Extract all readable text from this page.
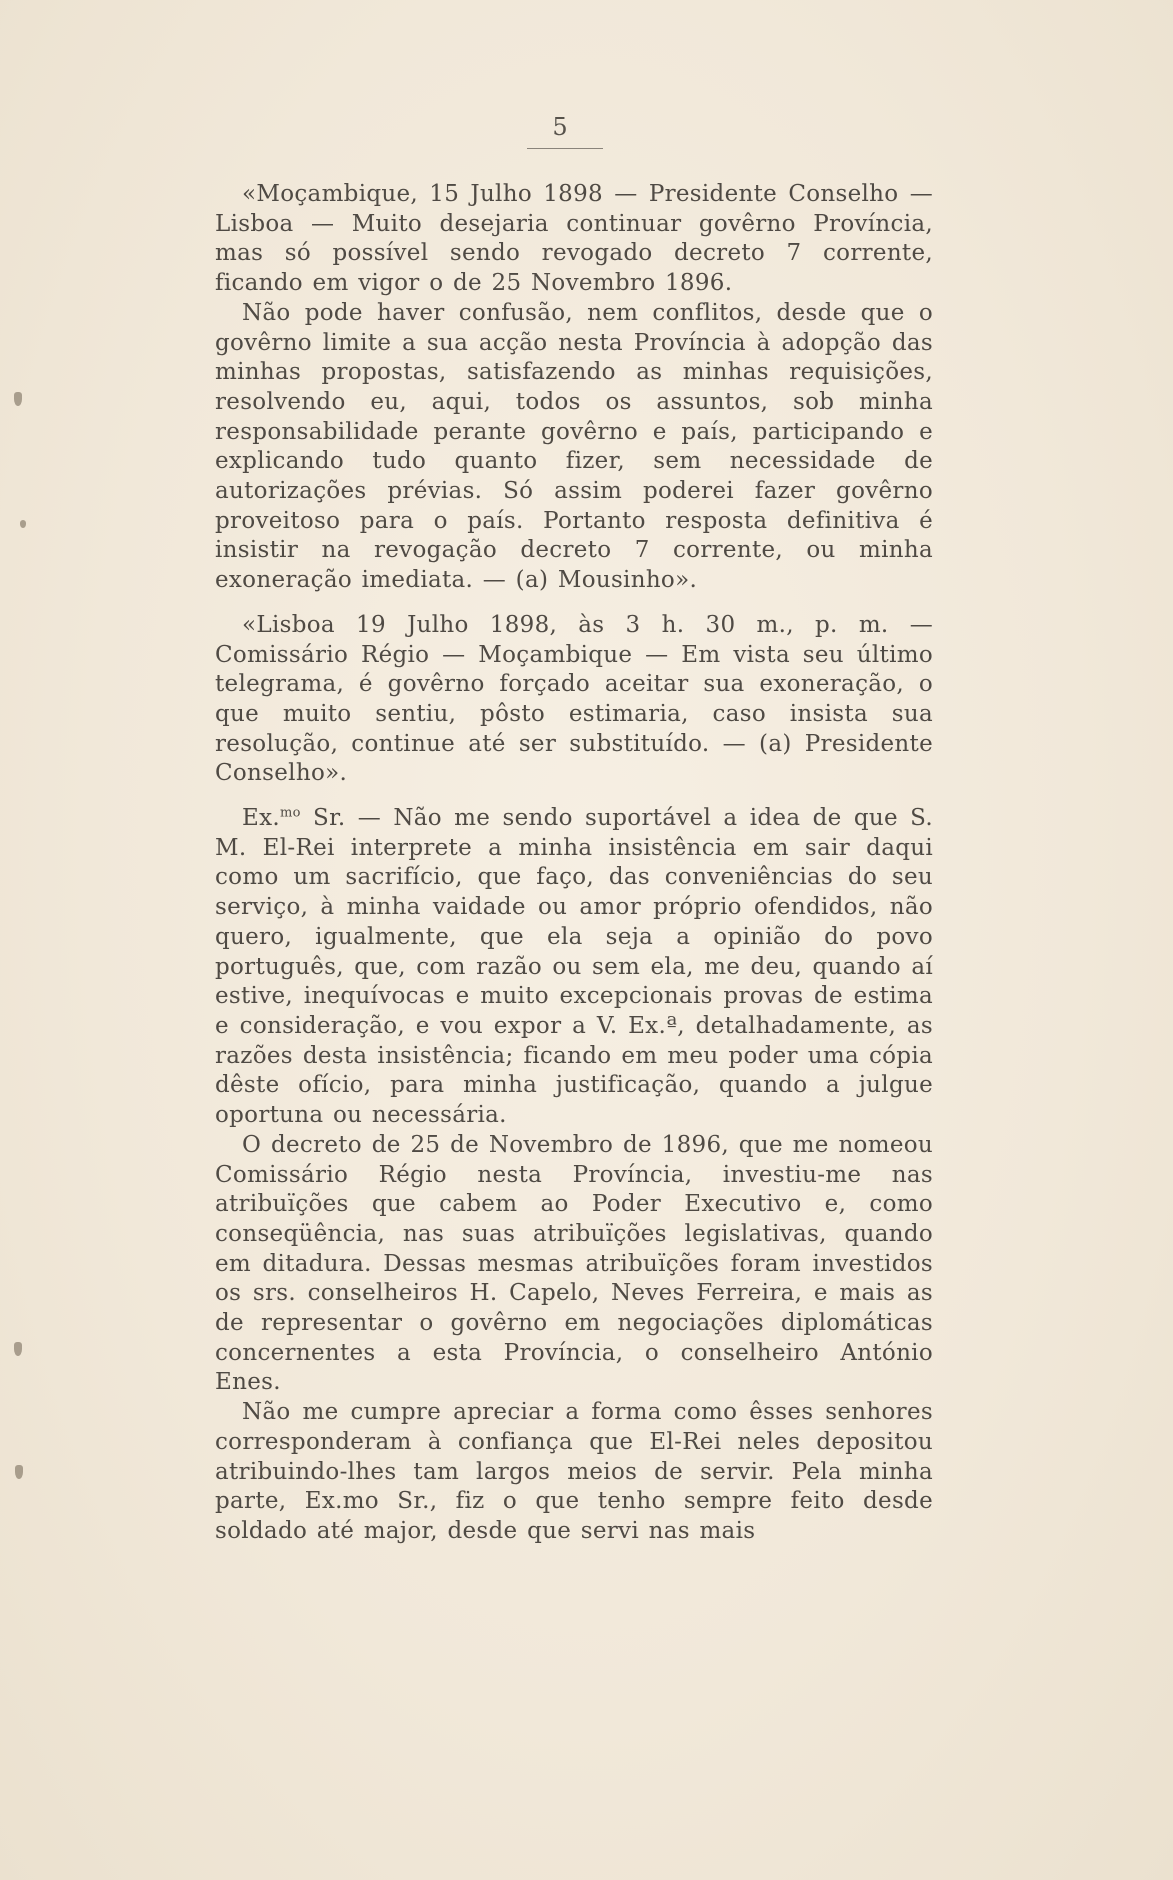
5

«Moçambique, 15 Julho 1898 — Presidente Conselho — Lisboa — Muito desejaria continuar govêrno Província, mas só possível sendo revogado decreto 7 corrente, ficando em vigor o de 25 Novembro 1896.

Não pode haver confusão, nem conflitos, desde que o govêrno limite a sua acção nesta Província à adopção das minhas propostas, satisfazendo as minhas requisições, resolvendo eu, aqui, todos os assuntos, sob minha responsabilidade perante govêrno e país, participando e explicando tudo quanto fizer, sem necessidade de autorizações prévias. Só assim poderei fazer govêrno proveitoso para o país. Portanto resposta definitiva é insistir na revogação decreto 7 corrente, ou minha exoneração imediata. — (a) Mousinho».

«Lisboa 19 Julho 1898, às 3 h. 30 m., p. m. — Comissário Régio — Moçambique — Em vista seu último telegrama, é govêrno forçado aceitar sua exoneração, o que muito sentiu, pôsto estimaria, caso insista sua resolução, continue até ser substituído. — (a) Presidente Conselho».

Ex.$^{mo}$ Sr. — Não me sendo suportável a idea de que S. M. El-Rei interprete a minha insistência em sair daqui como um sacrifício, que faço, das conveniências do seu serviço, à minha vaidade ou amor próprio ofendidos, não quero, igualmente, que ela seja a opinião do povo português, que, com razão ou sem ela, me deu, quando aí estive, inequívocas e muito excepcionais provas de estima e consideração, e vou expor a V. Ex.ª, detalhadamente, as razões desta insistência; ficando em meu poder uma cópia dêste ofício, para minha justificação, quando a julgue oportuna ou necessária.

O decreto de 25 de Novembro de 1896, que me nomeou Comissário Régio nesta Província, investiu-me nas atribuïções que cabem ao Poder Executivo e, como conseqüência, nas suas atribuïções legislativas, quando em ditadura. Dessas mesmas atribuïções foram investidos os srs. conselheiros H. Capelo, Neves Ferreira, e mais as de representar o govêrno em negociações diplomáticas concernentes a esta Província, o conselheiro António Enes.

Não me cumpre apreciar a forma como êsses senhores corresponderam à confiança que El-Rei neles depositou atribuindo-lhes tam largos meios de servir. Pela minha parte, Ex.mo Sr., fiz o que tenho sempre feito desde soldado até major, desde que servi nas mais
